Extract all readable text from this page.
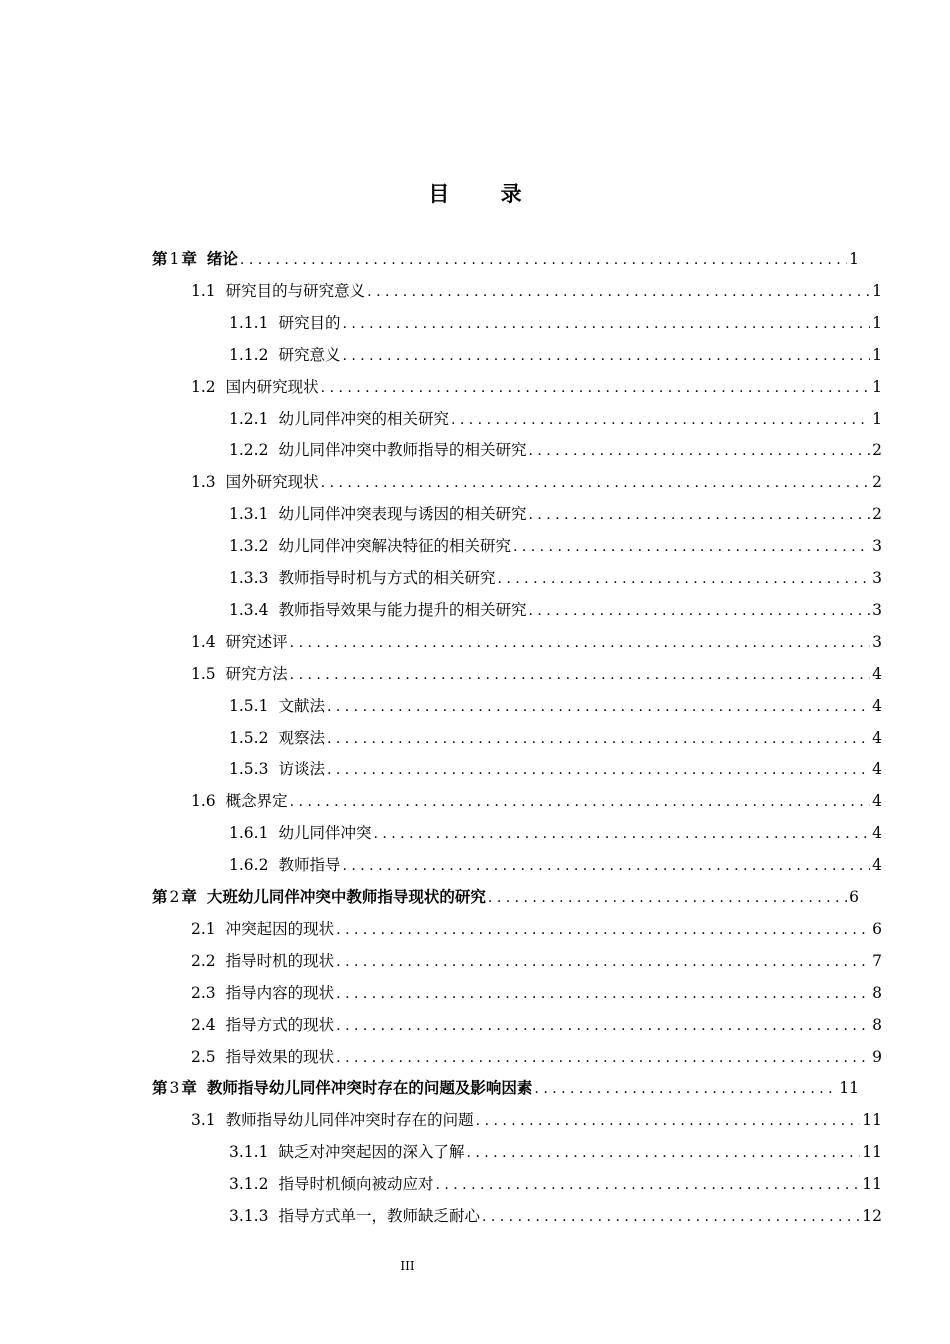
目 录
第 1 章 绪论 . . .	1
1.1 研究目的与研究意义 . . .	1
1.1.1 研究目的 . . .	1
1.1.2 研究意义 . . .	1
1.2 国内研究现状 . . .	1
1.2.1 幼儿同伴冲突的相关研究 . . .	1
1.2.2 幼儿同伴冲突中教师指导的相关研究 . . .	2
1.3 国外研究现状 . . .	2
1.3.1 幼儿同伴冲突表现与诱因的相关研究 . . .	2
1.3.2 幼儿同伴冲突解决特征的相关研究 . . .	3
1.3.3 教师指导时机与方式的相关研究 . . .	3
1.3.4 教师指导效果与能力提升的相关研究 . . .	3
1.4 研究述评 . . .	3
1.5 研究方法 . . .	4
1.5.1 文献法 . . .	4
1.5.2 观察法 . . .	4
1.5.3 访谈法 . . .	4
1.6 概念界定 . . .	4
1.6.1 幼儿同伴冲突 . . .	4
1.6.2 教师指导 . . .	4
第 2 章 大班幼儿同伴冲突中教师指导现状的研究 . . .	6
2.1 冲突起因的现状 . . .	6
2.2 指导时机的现状 . . .	7
2.3 指导内容的现状 . . .	8
2.4 指导方式的现状 . . .	8
2.5 指导效果的现状 . . .	9
第 3 章 教师指导幼儿同伴冲突时存在的问题及影响因素 . . .	11
3.1 教师指导幼儿同伴冲突时存在的问题 . . .	11
3.1.1 缺乏对冲突起因的深入了解 . . .	11
3.1.2 指导时机倾向被动应对 . . .	11
3.1.3 指导方式单一，教师缺乏耐心 . . .	12
III
